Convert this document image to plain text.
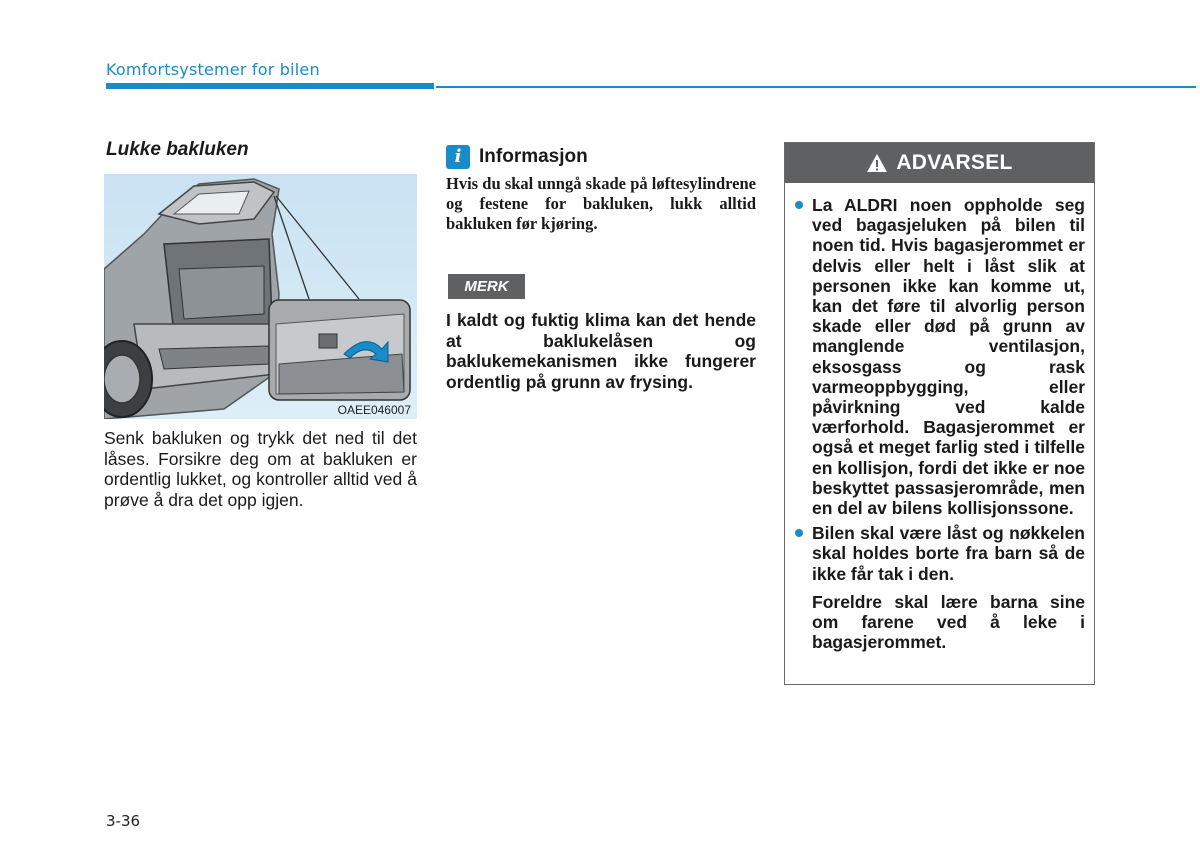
Komfortsystemer for bilen
Lukke bakluken
OAEE046007
Senk bakluken og trykk det ned til det låses. Forsikre deg om at bakluken er ordentlig lukket, og kontroller alltid ved å prøve å dra det opp igjen.
i Informasjon
Hvis du skal unngå skade på løftesylindrene og festene for bakluken, lukk alltid bakluken før kjøring.
MERK
I kaldt og fuktig klima kan det hende at baklukelåsen og baklukemekanismen ikke fungerer ordentlig på grunn av frysing.
ADVARSEL
La ALDRI noen oppholde seg ved bagasjeluken på bilen til noen tid. Hvis bagasjerommet er delvis eller helt i låst slik at personen ikke kan komme ut, kan det føre til alvorlig person skade eller død på grunn av manglende ventilasjon, eksosgass og rask varmeoppbygging, eller påvirkning ved kalde værforhold. Bagasjerommet er også et meget farlig sted i tilfelle en kollisjon, fordi det ikke er noe beskyttet passasjerområde, men en del av bilens kollisjonssone.
Bilen skal være låst og nøkkelen skal holdes borte fra barn så de ikke får tak i den.
Foreldre skal lære barna sine om farene ved å leke i bagasjerommet.
3-36
